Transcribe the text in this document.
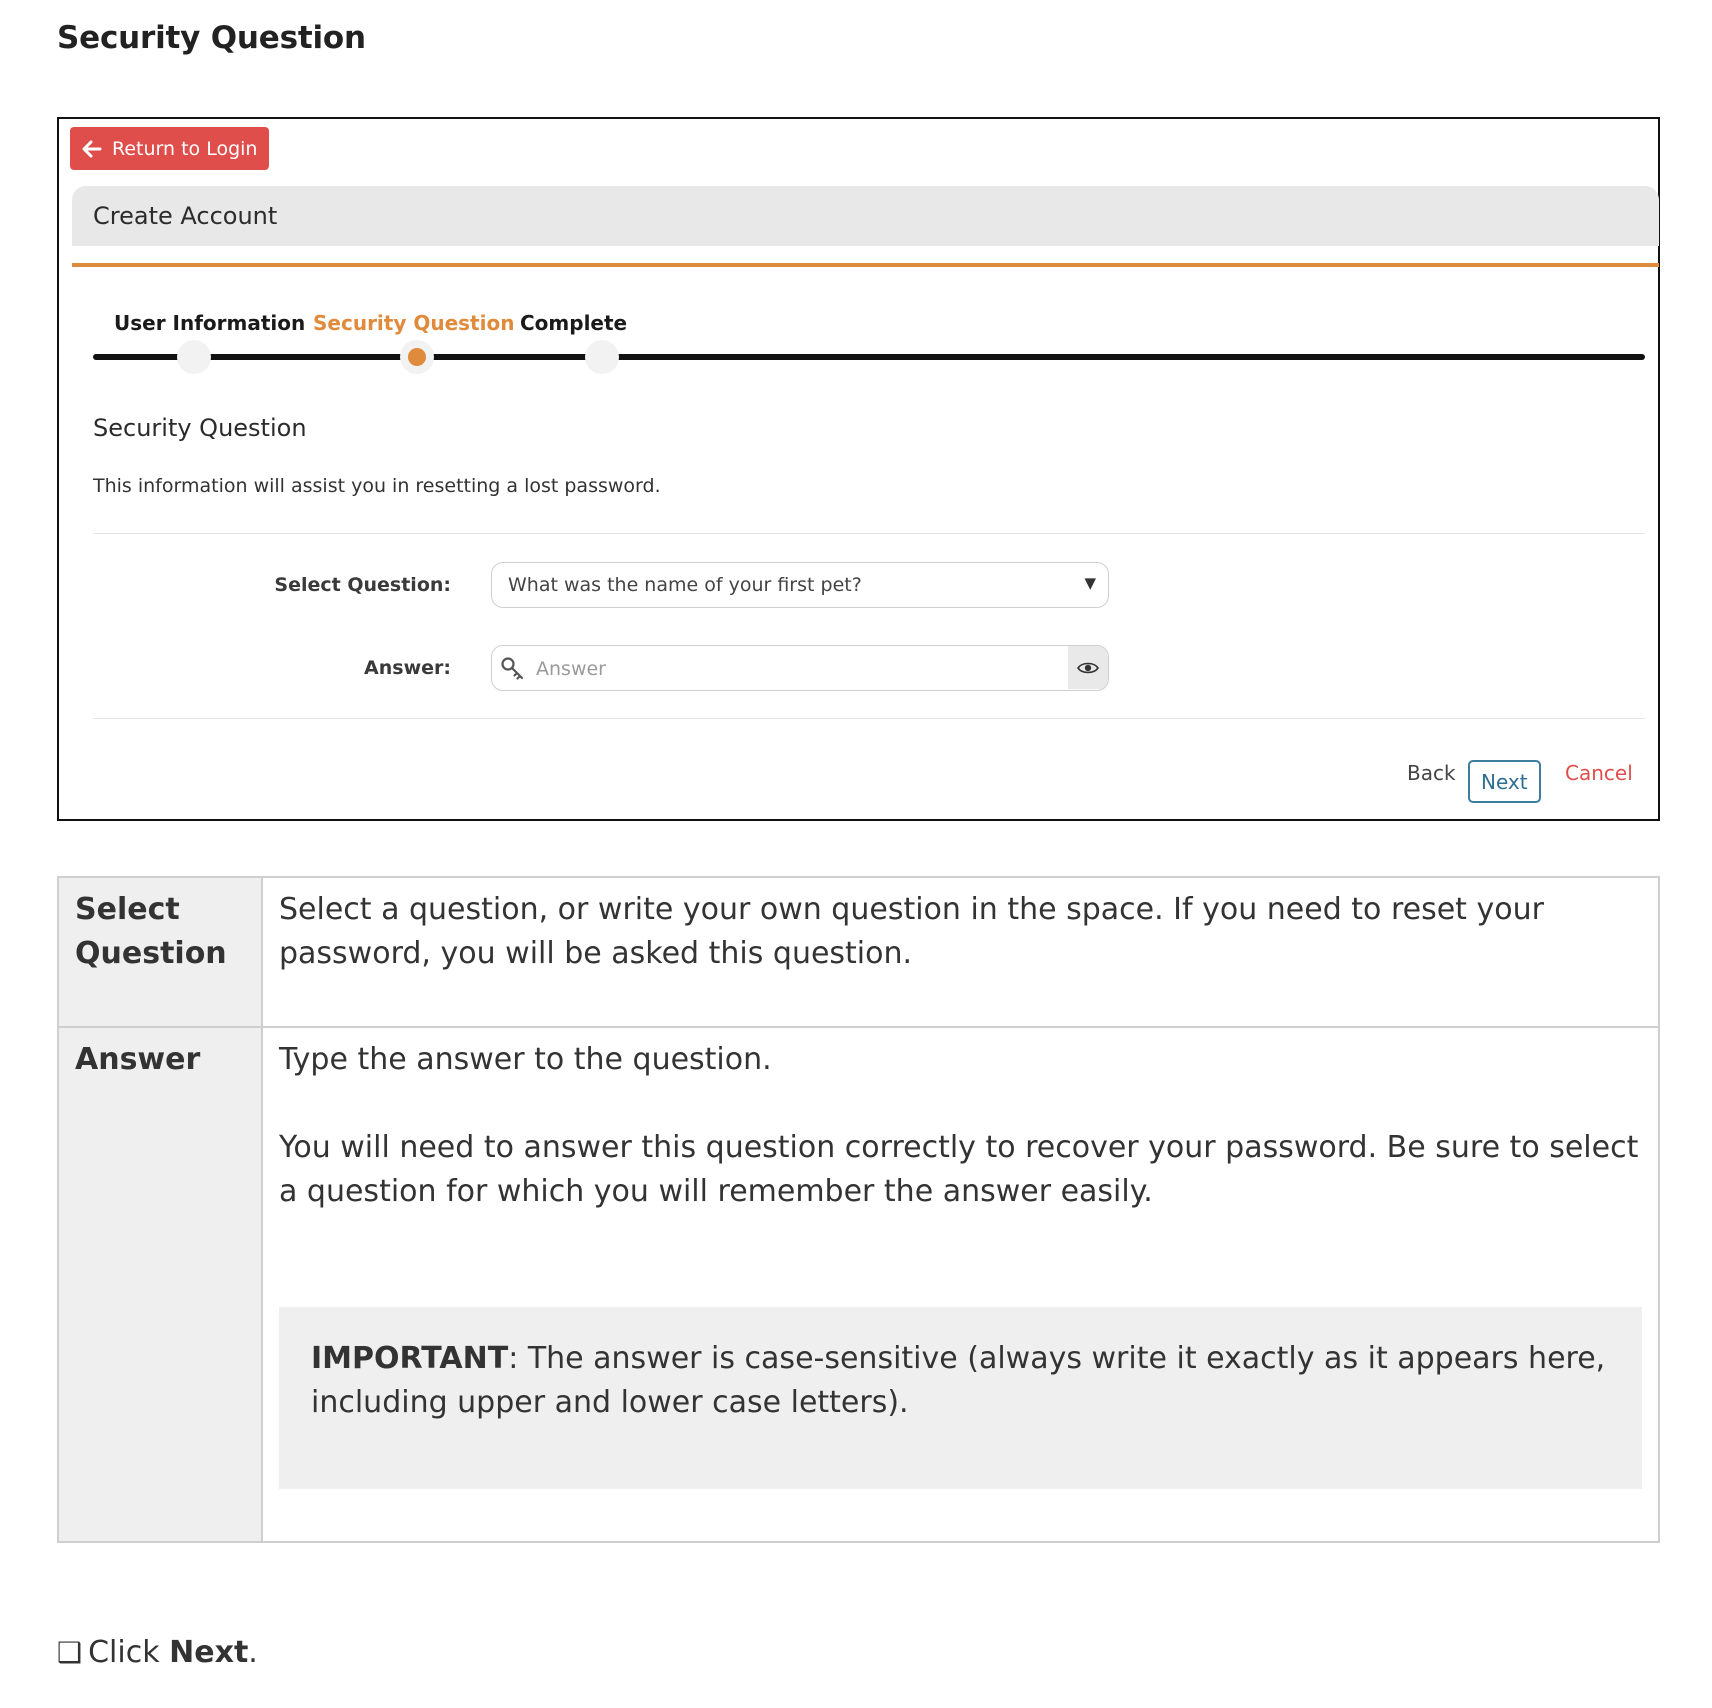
Security Question
Return to Login
Create Account
User Information Security Question Complete
Security Question

This information will assist you in resetting a lost password.

Select Question:	What was the name of your first pet?	▼
Answer:
Answer
Back	Next	Cancel
Select Question	Select a question, or write your own question in the space. If you need to reset your password, you will be asked this question.

Answer	Type the answer to the question.

You will need to answer this question correctly to recover your password. Be sure to select a question for which you will remember the answer easily.

IMPORTANT: The answer is case-sensitive (always write it exactly as it appears here, including upper and lower case letters).

❑ Click Next.
